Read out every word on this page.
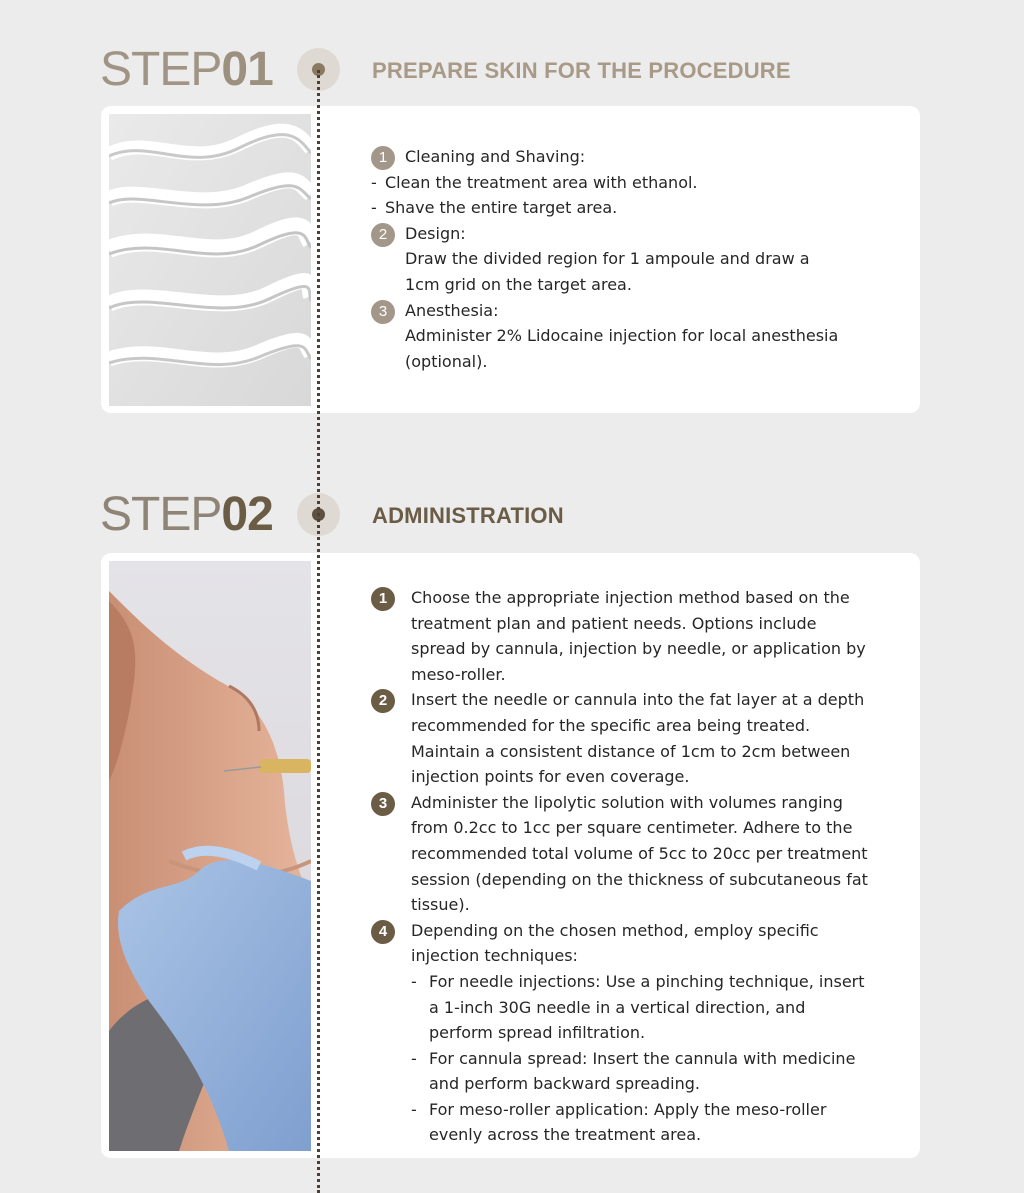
STEP01	PREPARE SKIN FOR THE PROCEDURE
1	Cleaning and Shaving:
- Clean the treatment area with ethanol.
- Shave the entire target area.
2	Design:
Draw the divided region for 1 ampoule and draw a 1cm grid on the target area.
3	Anesthesia:
Administer 2% Lidocaine injection for local anesthesia (optional).
STEP02	ADMINISTRATION
1	Choose the appropriate injection method based on the treatment plan and patient needs. Options include spread by cannula, injection by needle, or application by meso-roller.
2	Insert the needle or cannula into the fat layer at a depth recommended for the specific area being treated. Maintain a consistent distance of 1cm to 2cm between injection points for even coverage.
3	Administer the lipolytic solution with volumes ranging from 0.2cc to 1cc per square centimeter. Adhere to the recommended total volume of 5cc to 20cc per treatment session (depending on the thickness of subcutaneous fat tissue).
4	Depending on the chosen method, employ specific injection techniques:
- For needle injections: Use a pinching technique, insert a 1-inch 30G needle in a vertical direction, and perform spread infiltration.
- For cannula spread: Insert the cannula with medicine and perform backward spreading.
- For meso-roller application: Apply the meso-roller evenly across the treatment area.
